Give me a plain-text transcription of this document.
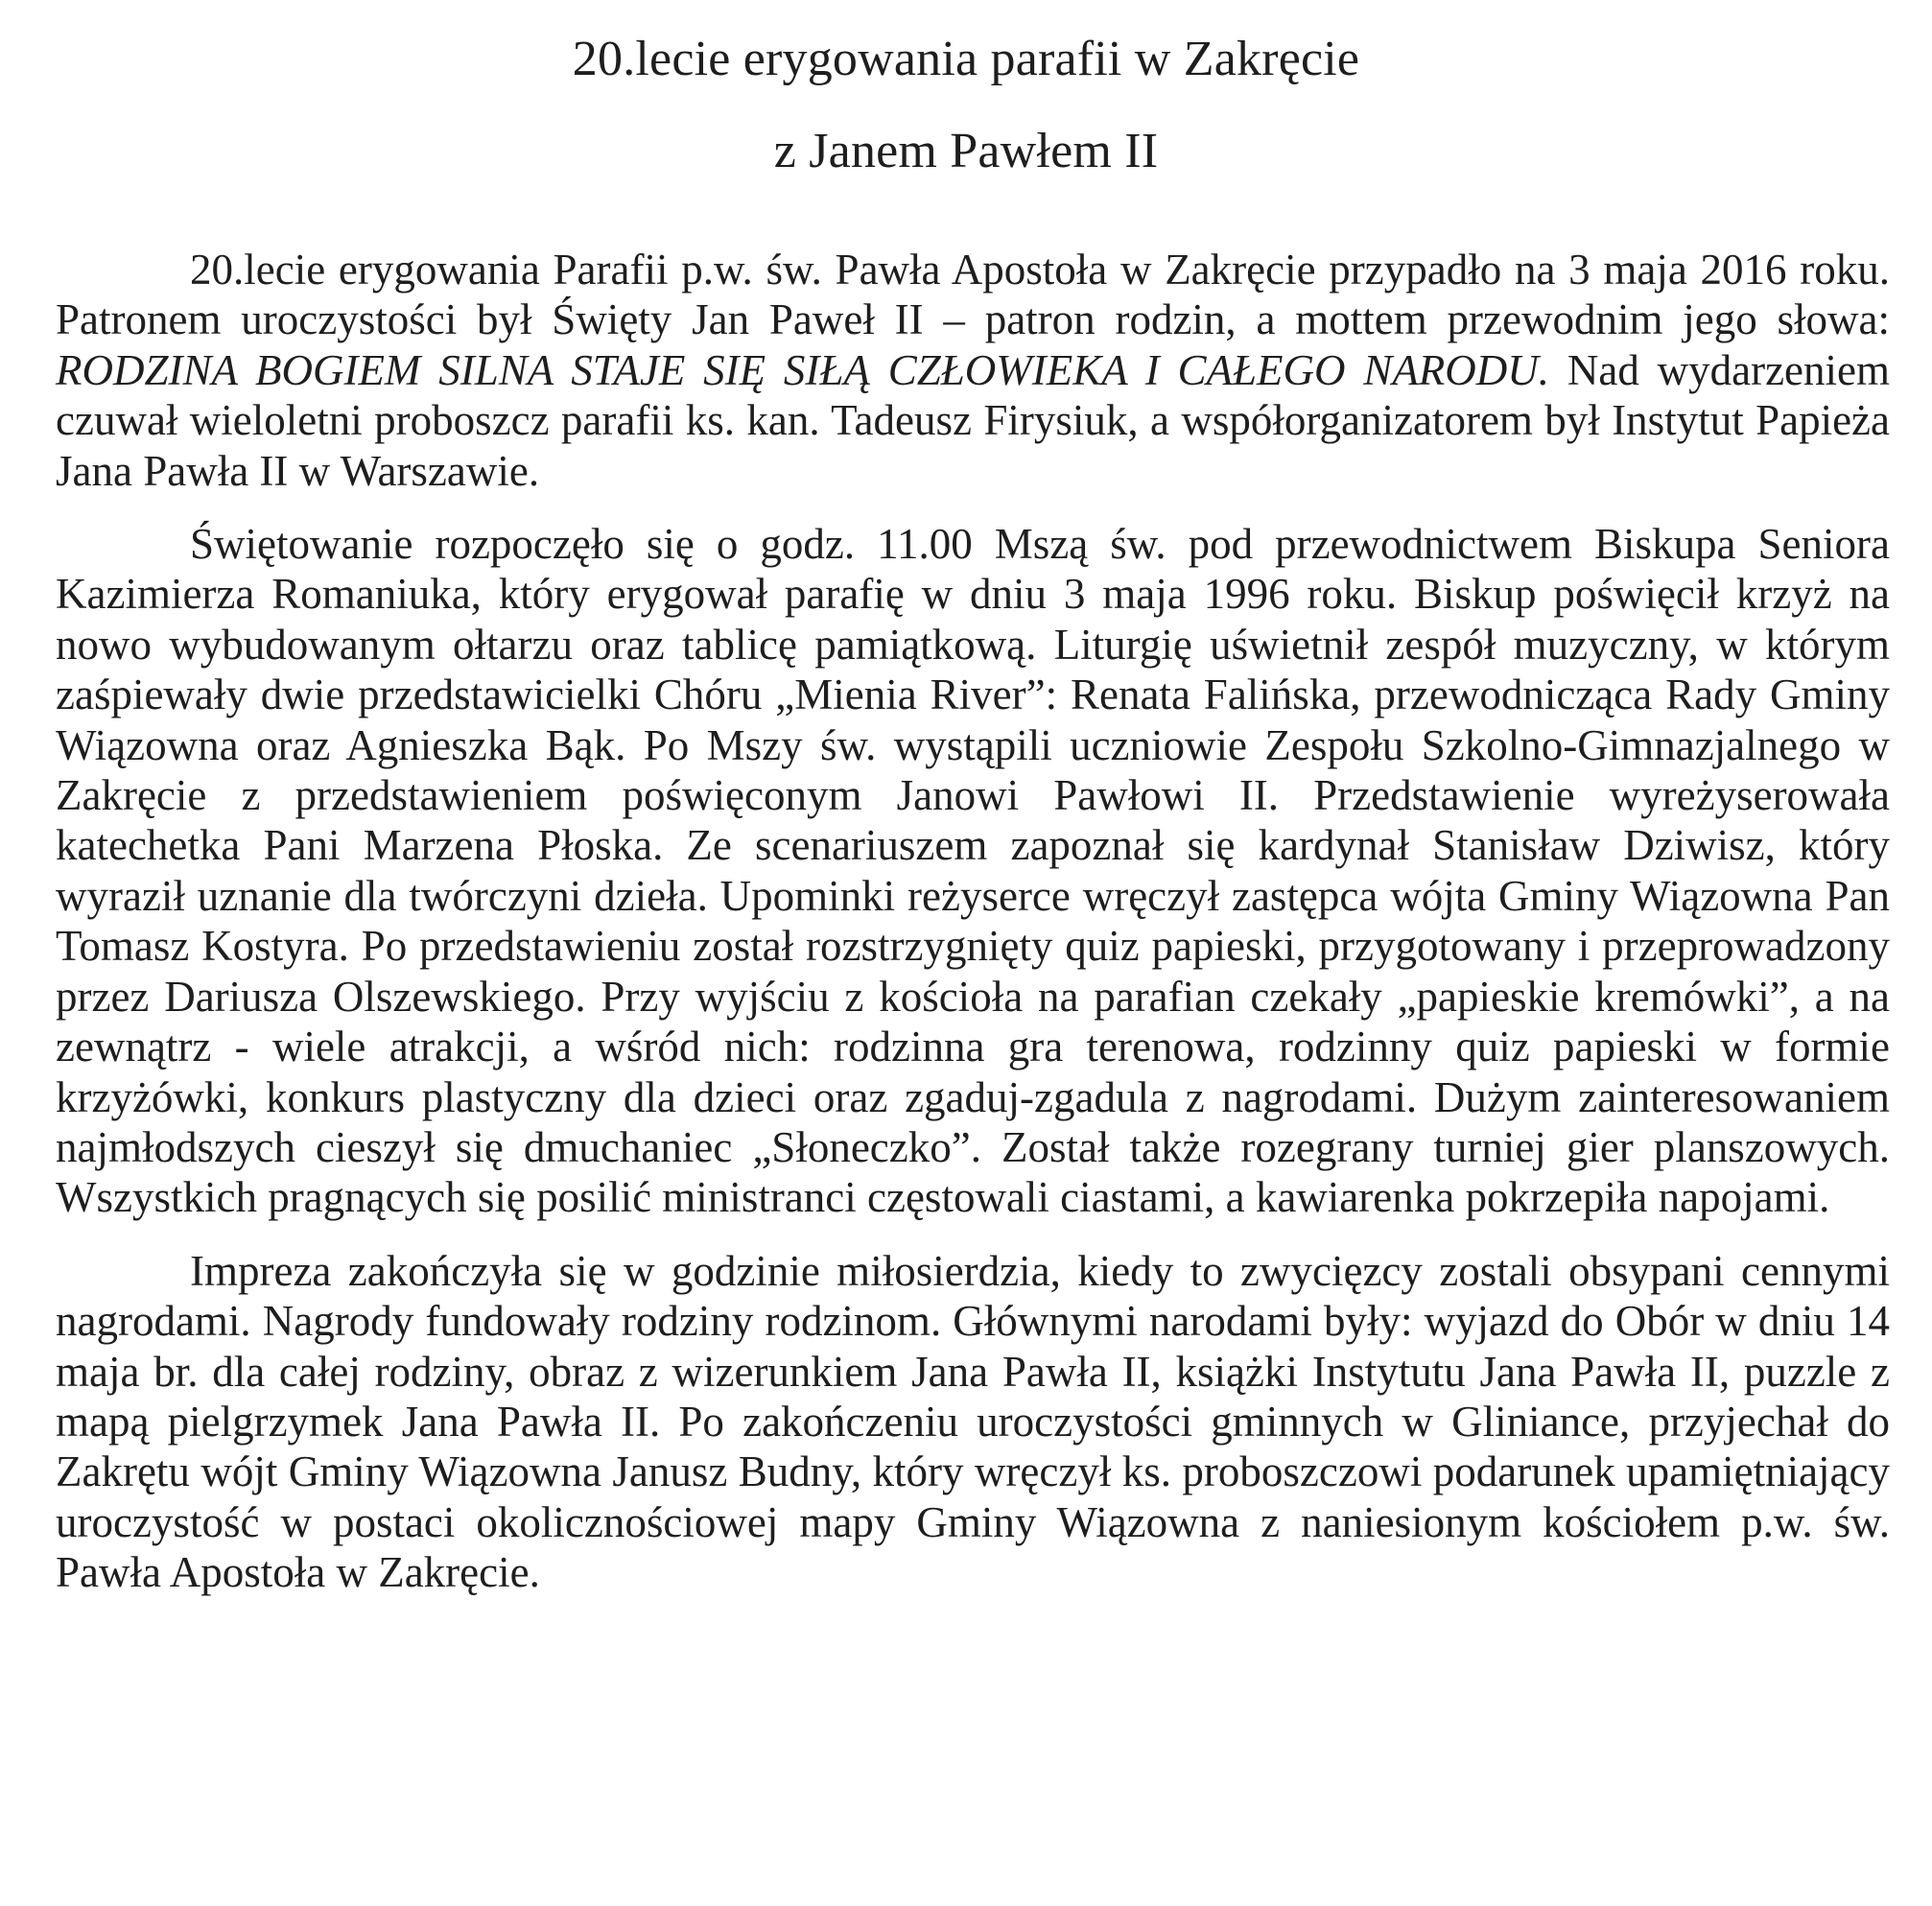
20.lecie erygowania parafii w Zakręcie
z Janem Pawłem II

20.lecie erygowania Parafii p.w. św. Pawła Apostoła w Zakręcie przypadło na 3 maja 2016 roku. Patronem uroczystości był Święty Jan Paweł II – patron rodzin, a mottem przewodnim jego słowa: RODZINA BOGIEM SILNA STAJE SIĘ SIŁĄ CZŁOWIEKA I CAŁEGO NARODU. Nad wydarzeniem czuwał wieloletni proboszcz parafii ks. kan. Tadeusz Firysiuk, a współorganizatorem był Instytut Papieża Jana Pawła II w Warszawie.

Świętowanie rozpoczęło się o godz. 11.00 Mszą św. pod przewodnictwem Biskupa Seniora Kazimierza Romaniuka, który erygował parafię w dniu 3 maja 1996 roku. Biskup poświęcił krzyż na nowo wybudowanym ołtarzu oraz tablicę pamiątkową. Liturgię uświetnił zespół muzyczny, w którym zaśpiewały dwie przedstawicielki Chóru „Mienia River”: Renata Falińska, przewodnicząca Rady Gminy Wiązowna oraz Agnieszka Bąk. Po Mszy św. wystąpili uczniowie Zespołu Szkolno-Gimnazjalnego w Zakręcie z przedstawieniem poświęconym Janowi Pawłowi II. Przedstawienie wyreżyserowała katechetka Pani Marzena Płoska. Ze scenariuszem zapoznał się kardynał Stanisław Dziwisz, który wyraził uznanie dla twórczyni dzieła. Upominki reżyserce wręczył zastępca wójta Gminy Wiązowna Pan Tomasz Kostyra. Po przedstawieniu został rozstrzygnięty quiz papieski, przygotowany i przeprowadzony przez Dariusza Olszewskiego. Przy wyjściu z kościoła na parafian czekały „papieskie kremówki”, a na zewnątrz - wiele atrakcji, a wśród nich: rodzinna gra terenowa, rodzinny quiz papieski w formie krzyżówki, konkurs plastyczny dla dzieci oraz zgaduj-zgadula z nagrodami. Dużym zainteresowaniem najmłodszych cieszył się dmuchaniec „Słoneczko”. Został także rozegrany turniej gier planszowych. Wszystkich pragnących się posilić ministranci częstowali ciastami, a kawiarenka pokrzepiła napojami.

Impreza zakończyła się w godzinie miłosierdzia, kiedy to zwycięzcy zostali obsypani cennymi nagrodami. Nagrody fundowały rodziny rodzinom. Głównymi narodami były: wyjazd do Obór w dniu 14 maja br. dla całej rodziny, obraz z wizerunkiem Jana Pawła II, książki Instytutu Jana Pawła II, puzzle z mapą pielgrzymek Jana Pawła II. Po zakończeniu uroczystości gminnych w Gliniance, przyjechał do Zakrętu wójt Gminy Wiązowna Janusz Budny, który wręczył ks. proboszczowi podarunek upamiętniający uroczystość w postaci okolicznościowej mapy Gminy Wiązowna z naniesionym kościołem p.w. św. Pawła Apostoła w Zakręcie.
